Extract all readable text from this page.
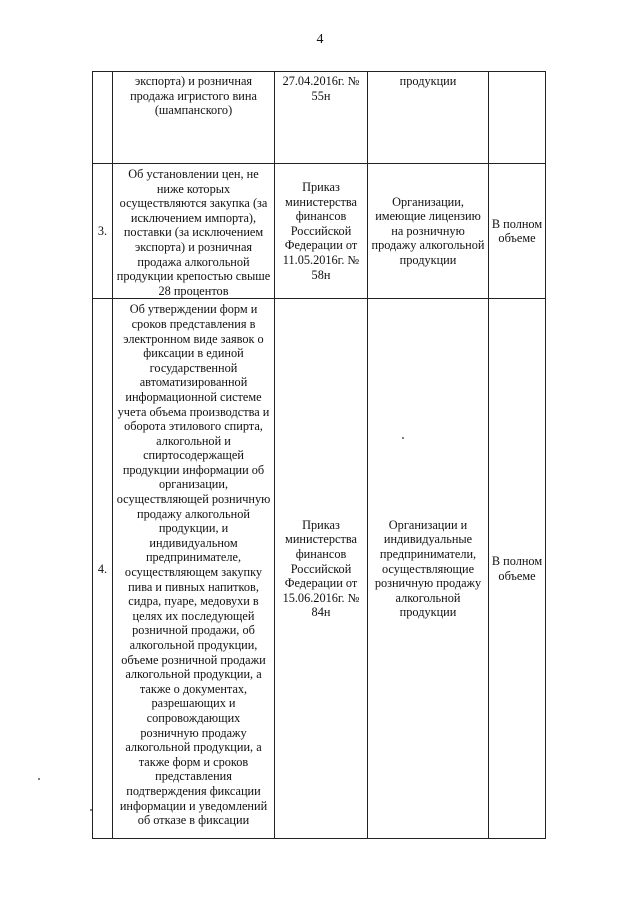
4
	экспорта) и розничная продажа игристого вина (шампанского)	27.04.2016г. № 55н	продукции	
3.	Об установлении цен, не ниже которых осуществляются закупка (за исключением импорта), поставки (за исключением экспорта) и розничная продажа алкогольной продукции крепостью свыше 28 процентов	Приказ министерства финансов Российской Федерации от 11.05.2016г. № 58н	Организации, имеющие лицензию на розничную продажу алкогольной продукции	В полном объеме
4.	Об утверждении форм и сроков представления в электронном виде заявок о фиксации в единой государственной автоматизированной информационной системе учета объема производства и оборота этилового спирта, алкогольной и спиртосодержащей продукции информации об организации, осуществляющей розничную продажу алкогольной продукции, и индивидуальном предпринимателе, осуществляющем закупку пива и пивных напитков, сидра, пуаре, медовухи в целях их последующей розничной продажи, об алкогольной продукции, объеме розничной продажи алкогольной продукции, а также о документах, разрешающих и сопровождающих розничную продажу алкогольной продукции, а также форм и сроков представления подтверждения фиксации информации и уведомлений об отказе в фиксации	Приказ министерства финансов Российской Федерации от 15.06.2016г. № 84н	Организации и индивидуальные предприниматели, осуществляющие розничную продажу алкогольной продукции	В полном объеме
